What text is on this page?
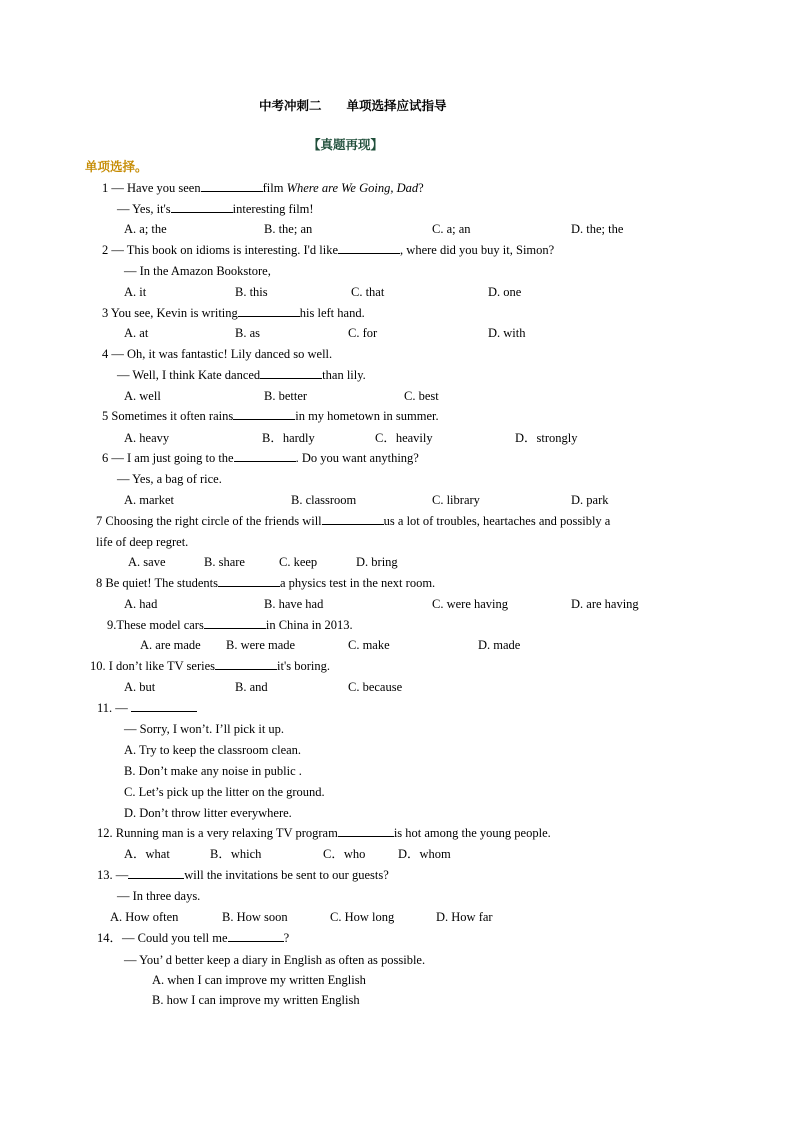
中考冲刺二　　单项选择应试指导
【真题再现】
单项选择。
1 — Have you seen	film Where are We Going, Dad?
— Yes, it's	interesting film!
A. a; the	B. the; an	C. a; an	D. the; the
2 — This book on idioms is interesting. I'd like	, where did you buy it, Simon?
— In the Amazon Bookstore,
A. it	B. this	C. that	D. one
3 You see, Kevin is writing	his left hand.
A. at	B. as	C. for	D. with
4 — Oh, it was fantastic! Lily danced so well.
— Well, I think Kate danced	than lily.
A. well	B. better	C. best
5 Sometimes it often rains	in my hometown in summer.
A. heavy	B．hardly	C．heavily	D．strongly
6 — I am just going to the	. Do you want anything?
— Yes, a bag of rice.
A. market	B. classroom	C. library	D. park
7 Choosing the right circle of the friends will	us a lot of troubles, heartaches and possibly a
life of deep regret.
A. save	B. share	C. keep	D. bring
8 Be quiet! The students	a physics test in the next room.
A. had	B. have had	C. were having	D. are having
9.These model cars	in China in 2013.
A. are made B. were made	C. make	D. made
10. I don’t like TV series	it's boring.
A. but	B. and	C. because
11. —
— Sorry, I won’t. I’ll pick it up.
A. Try to keep the classroom clean.
B. Don’t make any noise in public .
C. Let’s pick up the litter on the ground.
D. Don’t throw litter everywhere.
12. Running man is a very relaxing TV program	is hot among the young people.
A．what	B．which	C．who	D．whom
13. —	will the invitations be sent to our guests?
— In three days.
A. How often	B. How soon	C. How long	D. How far
14．— Could you tell me	?
— You’ d better keep a diary in English as often as possible.
A. when I can improve my written English
B. how I can improve my written English
